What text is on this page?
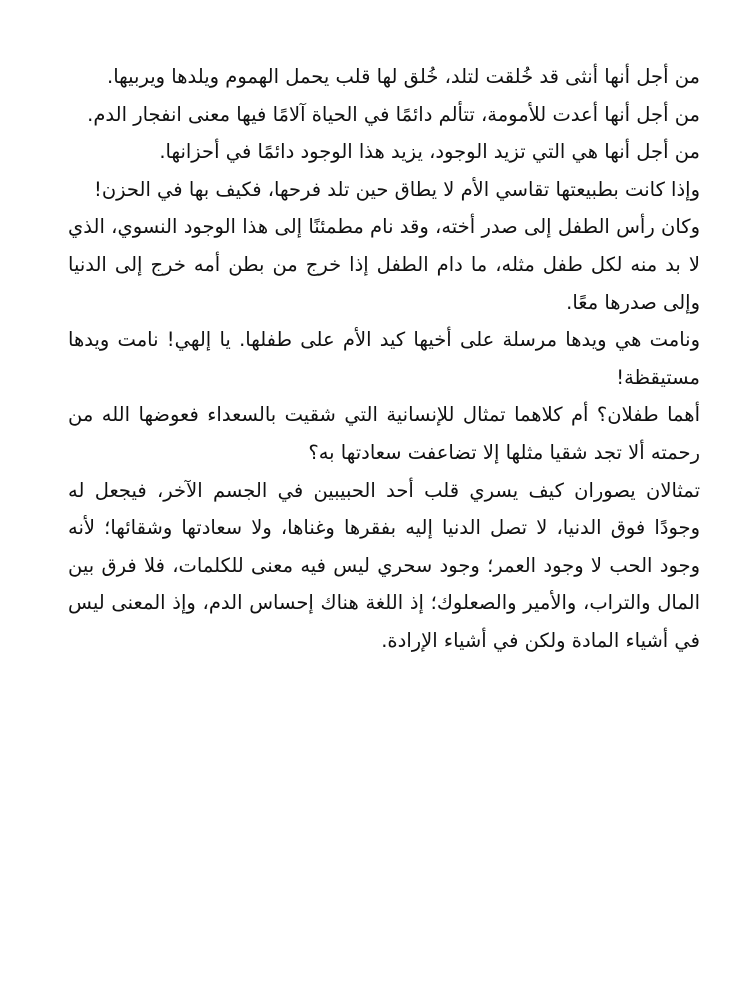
من أجل أنها أنثى قد خُلقت لتلد، خُلق لها قلب يحمل الهموم ويلدها ويربيها.

من أجل أنها أعدت للأمومة، تتألم دائمًا في الحياة آلامًا فيها معنى انفجار الدم.

من أجل أنها هي التي تزيد الوجود، يزيد هذا الوجود دائمًا في أحزانها.

وإذا كانت بطبيعتها تقاسي الأم لا يطاق حين تلد فرحها، فكيف بها في الحزن!

وكان رأس الطفل إلى صدر أخته، وقد نام مطمئنًا إلى هذا الوجود النسوي، الذي لا بد منه لكل طفل مثله، ما دام الطفل إذا خرج من بطن أمه خرج إلى الدنيا وإلى صدرها معًا.

ونامت هي ويدها مرسلة على أخيها كيد الأم على طفلها. يا إلهي! نامت ويدها مستيقظة!

أهما طفلان؟ أم كلاهما تمثال للإنسانية التي شقيت بالسعداء فعوضها الله من رحمته ألا تجد شقيا مثلها إلا تضاعفت سعادتها به؟

تمثالان يصوران كيف يسري قلب أحد الحبيبين في الجسم الآخر، فيجعل له وجودًا فوق الدنيا، لا تصل الدنيا إليه بفقرها وغناها، ولا سعادتها وشقائها؛ لأنه وجود الحب لا وجود العمر؛ وجود سحري ليس فيه معنى للكلمات، فلا فرق بين المال والتراب، والأمير والصعلوك؛ إذ اللغة هناك إحساس الدم، وإذ المعنى ليس في أشياء المادة ولكن في أشياء الإرادة.
